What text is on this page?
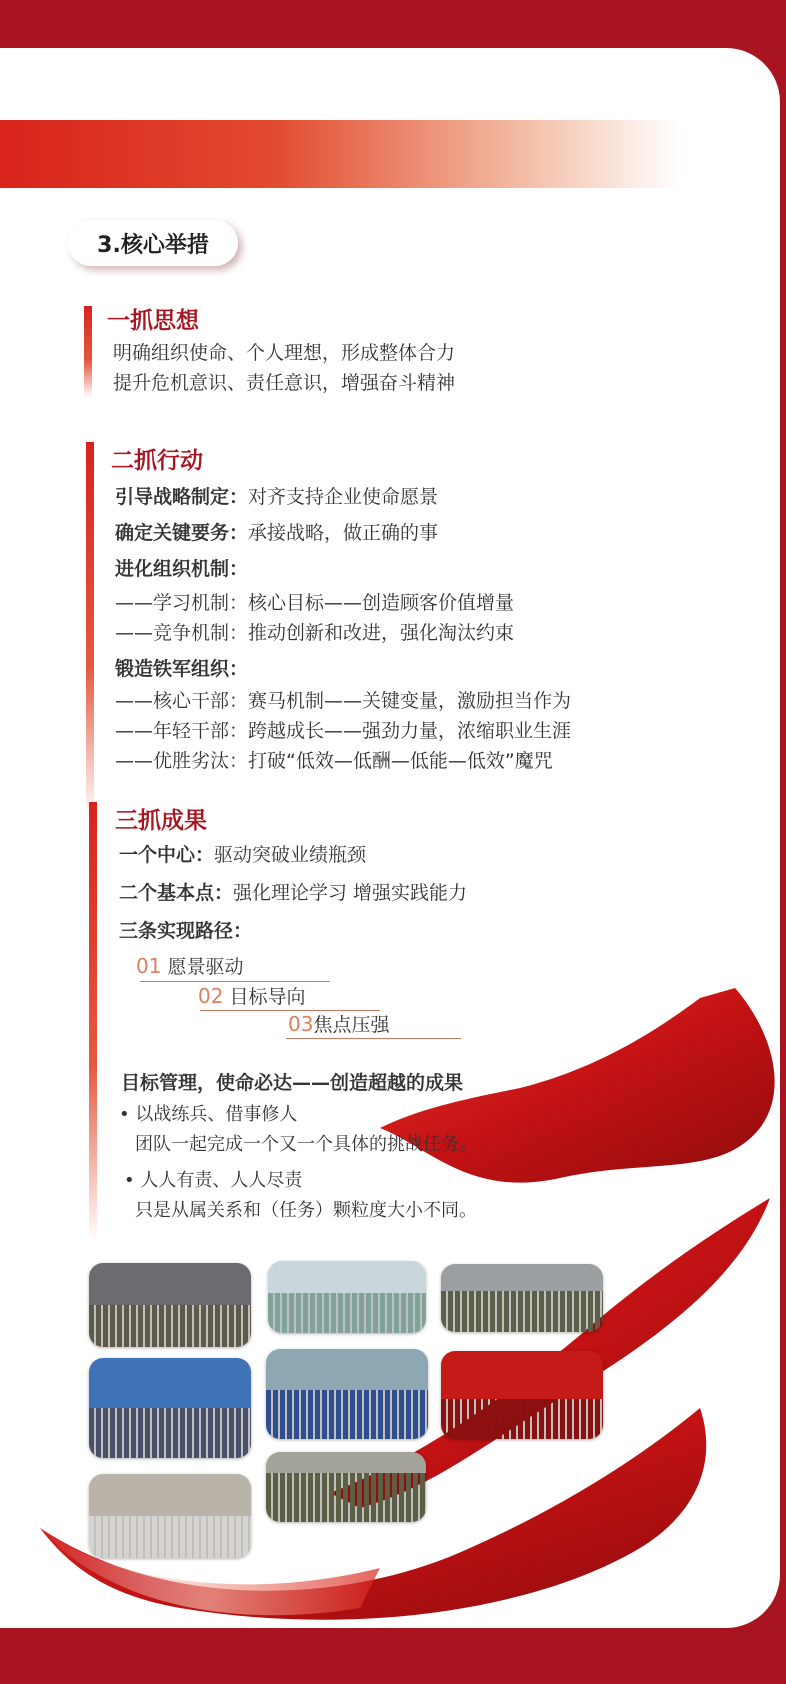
3.核心举措
一抓思想
明确组织使命、个人理想，形成整体合力
提升危机意识、责任意识，增强奋斗精神
二抓行动
引导战略制定：对齐支持企业使命愿景
确定关键要务：承接战略，做正确的事
进化组织机制：
——学习机制：核心目标——创造顾客价值增量
——竞争机制：推动创新和改进，强化淘汰约束
锻造铁军组织：
——核心干部：赛马机制——关键变量，激励担当作为
——年轻干部：跨越成长——强劲力量，浓缩职业生涯
——优胜劣汰：打破“低效—低酬—低能—低效”魔咒
三抓成果
一个中心：驱动突破业绩瓶颈
二个基本点：强化理论学习 增强实践能力
三条实现路径：
01 愿景驱动
02 目标导向
03焦点压强
目标管理，使命必达——创造超越的成果
• 以战练兵、借事修人
团队一起完成一个又一个具体的挑战任务。
• 人人有责、人人尽责
只是从属关系和（任务）颗粒度大小不同。
